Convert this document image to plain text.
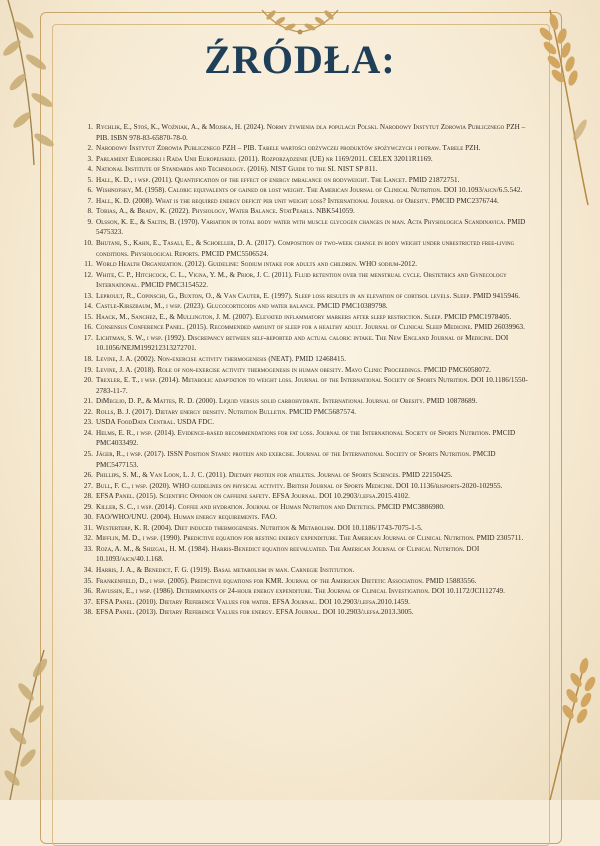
ŹRÓDŁA:
1. Rychlik, E., Stoś, K., Woźniak, A., & Mojska, H. (2024). Normy żywienia dla populacji Polski. Narodowy Instytut Zdrowia Publicznego PZH – PIB. ISBN 978-83-65870-78-0.
2. Narodowy Instytut Zdrowia Publicznego PZH – PIB. Tabele wartości odżywczej produktów spożywczych i potraw. Tabele PZH.
3. Parlament Europejski i Rada Unii Europejskiej. (2011). Rozporządzenie (UE) nr 1169/2011. CELEX 32011R1169.
4. National Institute of Standards and Technology. (2016). NIST Guide to the SI. NIST SP 811.
5. Hall, K. D., i wsp. (2011). Quantification of the effect of energy imbalance on bodyweight. The Lancet. PMID 21872751.
6. Wishnofsky, M. (1958). Caloric equivalents of gained or lost weight. The American Journal of Clinical Nutrition. DOI 10.1093/ajcn/6.5.542.
7. Hall, K. D. (2008). What is the required energy deficit per unit weight loss? International Journal of Obesity. PMCID PMC2376744.
8. Tobias, A., & Brady, K. (2022). Physiology, Water Balance. StatPearls. NBK541059.
9. Olsson, K. E., & Saltin, B. (1970). Variation in total body water with muscle glycogen changes in man. Acta Physiologica Scandinavica. PMID 5475323.
10. Bhutani, S., Kahn, E., Tasali, E., & Schoeller, D. A. (2017). Composition of two-week change in body weight under unrestricted free-living conditions. Physiological Reports. PMCID PMC5506524.
11. World Health Organization. (2012). Guideline: Sodium intake for adults and children. WHO sodium-2012.
12. White, C. P., Hitchcock, C. L., Vigna, Y. M., & Prior, J. C. (2011). Fluid retention over the menstrual cycle. Obstetrics and Gynecology International. PMCID PMC3154522.
13. Leproult, R., Copinschi, G., Buxton, O., & Van Cauter, E. (1997). Sleep loss results in an elevation of cortisol levels. Sleep. PMID 9415946.
14. Castle-Kirszbaum, M., i wsp. (2023). Glucocorticoids and water balance. PMCID PMC10389798.
15. Haack, M., Sanchez, E., & Mullington, J. M. (2007). Elevated inflammatory markers after sleep restriction. Sleep. PMCID PMC1978405.
16. Consensus Conference Panel. (2015). Recommended amount of sleep for a healthy adult. Journal of Clinical Sleep Medicine. PMID 26039963.
17. Lichtman, S. W., i wsp. (1992). Discrepancy between self-reported and actual caloric intake. The New England Journal of Medicine. DOI 10.1056/NEJM199212313272701.
18. Levine, J. A. (2002). Non-exercise activity thermogenesis (NEAT). PMID 12468415.
19. Levine, J. A. (2018). Role of non-exercise activity thermogenesis in human obesity. Mayo Clinic Proceedings. PMCID PMC6058072.
20. Trexler, E. T., i wsp. (2014). Metabolic adaptation to weight loss. Journal of the International Society of Sports Nutrition. DOI 10.1186/1550-2783-11-7.
21. DiMeglio, D. P., & Mattes, R. D. (2000). Liquid versus solid carbohydrate. International Journal of Obesity. PMID 10878689.
22. Rolls, B. J. (2017). Dietary energy density. Nutrition Bulletin. PMCID PMC5687574.
23. USDA FoodData Central. USDA FDC.
24. Helms, E. R., i wsp. (2014). Evidence-based recommendations for fat loss. Journal of the International Society of Sports Nutrition. PMCID PMC4033492.
25. Jäger, R., i wsp. (2017). ISSN Position Stand: protein and exercise. Journal of the International Society of Sports Nutrition. PMCID PMC5477153.
26. Phillips, S. M., & Van Loon, L. J. C. (2011). Dietary protein for athletes. Journal of Sports Sciences. PMID 22150425.
27. Bull, F. C., i wsp. (2020). WHO guidelines on physical activity. British Journal of Sports Medicine. DOI 10.1136/bjsports-2020-102955.
28. EFSA Panel. (2015). Scientific Opinion on caffeine safety. EFSA Journal. DOI 10.2903/j.efsa.2015.4102.
29. Killer, S. C., i wsp. (2014). Coffee and hydration. Journal of Human Nutrition and Dietetics. PMCID PMC3886980.
30. FAO/WHO/UNU. (2004). Human energy requirements. FAO.
31. Westerterp, K. R. (2004). Diet induced thermogenesis. Nutrition & Metabolism. DOI 10.1186/1743-7075-1-5.
32. Mifflin, M. D., i wsp. (1990). Predictive equation for resting energy expenditure. The American Journal of Clinical Nutrition. PMID 2305711.
33. Roza, A. M., & Shizgal, H. M. (1984). Harris-Benedict equation reevaluated. The American Journal of Clinical Nutrition. DOI 10.1093/ajcn/40.1.168.
34. Harris, J. A., & Benedict, F. G. (1919). Basal metabolism in man. Carnegie Institution.
35. Frankenfield, D., i wsp. (2005). Predictive equations for KMR. Journal of the American Dietetic Association. PMID 15883556.
36. Ravussin, E., i wsp. (1986). Determinants of 24-hour energy expenditure. The Journal of Clinical Investigation. DOI 10.1172/JCI112749.
37. EFSA Panel. (2010). Dietary Reference Values for water. EFSA Journal. DOI 10.2903/j.efsa.2010.1459.
38. EFSA Panel. (2013). Dietary Reference Values for energy. EFSA Journal. DOI 10.2903/j.efsa.2013.3005.
